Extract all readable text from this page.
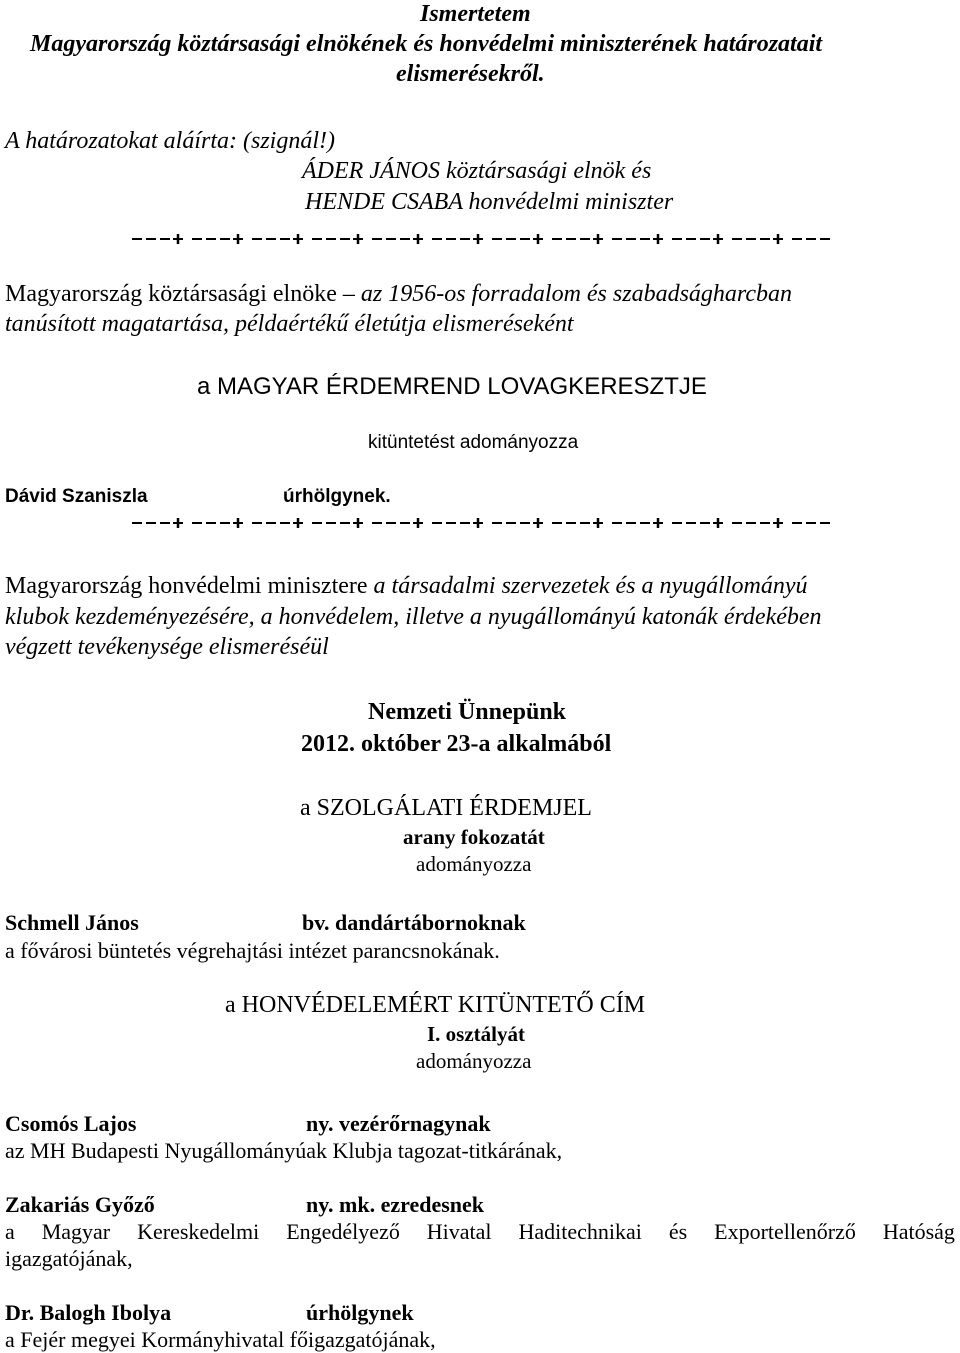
Ismertetem
Magyarország köztársasági elnökének és honvédelmi miniszterének határozatait
elismerésekről.
A határozatokat aláírta: (szignál!)
ÁDER JÁNOS köztársasági elnök és
HENDE CSABA honvédelmi miniszter
Magyarország köztársasági elnöke – az 1956-os forradalom és szabadságharcban
tanúsított magatartása, példaértékű életútja elismeréseként
a MAGYAR ÉRDEMREND LOVAGKERESZTJE
kitüntetést adományozza
Dávid Szaniszla	úrhölgynek.
Magyarország honvédelmi minisztere a társadalmi szervezetek és a nyugállományú
klubok kezdeményezésére, a honvédelem, illetve a nyugállományú katonák érdekében
végzett tevékenysége elismeréséül
Nemzeti Ünnepünk
2012. október 23-a alkalmából
a SZOLGÁLATI ÉRDEMJEL
arany fokozatát
adományozza
Schmell János	bv. dandártábornoknak
a fővárosi büntetés végrehajtási intézet parancsnokának.
a HONVÉDELEMÉRT KITÜNTETŐ CÍM
I. osztályát
adományozza
Csomós Lajos	ny. vezérőrnagynak
az MH Budapesti Nyugállományúak Klubja tagozat-titkárának,
Zakariás Győző	ny. mk. ezredesnek
a Magyar Kereskedelmi Engedélyező Hivatal Haditechnikai és Exportellenőrző Hatóság
igazgatójának,
Dr. Balogh Ibolya	úrhölgynek
a Fejér megyei Kormányhivatal főigazgatójának,
